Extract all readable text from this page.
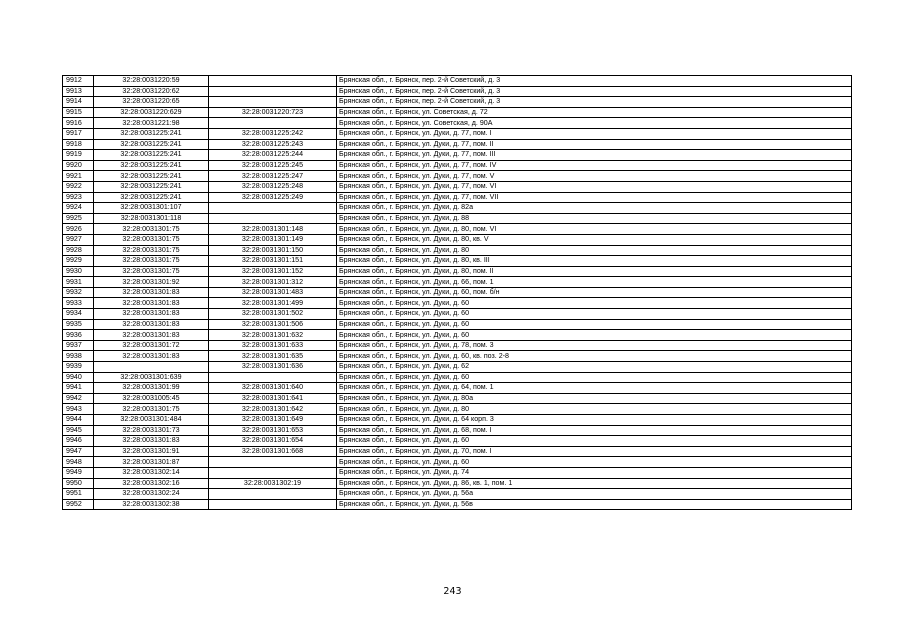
9912	32:28:0031220:59		Брянская обл., г. Брянск, пер. 2-й Советский, д. 3
9913	32:28:0031220:62		Брянская обл., г. Брянск, пер. 2-й Советский, д. 3
9914	32:28:0031220:65		Брянская обл., г. Брянск, пер. 2-й Советский, д. 3
9915	32:28:0031220:629	32:28:0031220:723	Брянская обл., г. Брянск, ул. Советская, д. 72
9916	32:28:0031221:98		Брянская обл., г. Брянск, ул. Советская, д. 90А
9917	32:28:0031225:241	32:28:0031225:242	Брянская обл., г. Брянск, ул. Дуки, д. 77, пом. I
9918	32:28:0031225:241	32:28:0031225:243	Брянская обл., г. Брянск, ул. Дуки, д. 77, пом. II
9919	32:28:0031225:241	32:28:0031225:244	Брянская обл., г. Брянск, ул. Дуки, д. 77, пом. III
9920	32:28:0031225:241	32:28:0031225:245	Брянская обл., г. Брянск, ул. Дуки, д. 77, пом. IV
9921	32:28:0031225:241	32:28:0031225:247	Брянская обл., г. Брянск, ул. Дуки, д. 77, пом. V
9922	32:28:0031225:241	32:28:0031225:248	Брянская обл., г. Брянск, ул. Дуки, д. 77, пом. VI
9923	32:28:0031225:241	32:28:0031225:249	Брянская обл., г. Брянск, ул. Дуки, д. 77, пом. VII
9924	32:28:0031301:107		Брянская обл., г. Брянск, ул. Дуки, д. 82а
9925	32:28:0031301:118		Брянская обл., г. Брянск, ул. Дуки, д. 88
9926	32:28:0031301:75	32:28:0031301:148	Брянская обл., г. Брянск, ул. Дуки, д. 80, пом. VI
9927	32:28:0031301:75	32:28:0031301:149	Брянская обл., г. Брянск, ул. Дуки, д. 80, кв. V
9928	32:28:0031301:75	32:28:0031301:150	Брянская обл., г. Брянск, ул. Дуки, д. 80
9929	32:28:0031301:75	32:28:0031301:151	Брянская обл., г. Брянск, ул. Дуки, д. 80, кв. III
9930	32:28:0031301:75	32:28:0031301:152	Брянская обл., г. Брянск, ул. Дуки, д. 80, пом. II
9931	32:28:0031301:92	32:28:0031301:312	Брянская обл., г. Брянск, ул. Дуки, д. 66, пом. 1
9932	32:28:0031301:83	32:28:0031301:483	Брянская обл., г. Брянск, ул. Дуки, д. 60, пом. б/н
9933	32:28:0031301:83	32:28:0031301:499	Брянская обл., г. Брянск, ул. Дуки, д. 60
9934	32:28:0031301:83	32:28:0031301:502	Брянская обл., г. Брянск, ул. Дуки, д. 60
9935	32:28:0031301:83	32:28:0031301:506	Брянская обл., г. Брянск, ул. Дуки, д. 60
9936	32:28:0031301:83	32:28:0031301:632	Брянская обл., г. Брянск, ул. Дуки, д. 60
9937	32:28:0031301:72	32:28:0031301:633	Брянская обл., г. Брянск, ул. Дуки, д. 78, пом. 3
9938	32:28:0031301:83	32:28:0031301:635	Брянская обл., г. Брянск, ул. Дуки, д. 60, кв. поз. 2-8
9939		32:28:0031301:636	Брянская обл., г. Брянск, ул. Дуки, д. 62
9940	32:28:0031301:639		Брянская обл., г. Брянск, ул. Дуки, д. 60
9941	32:28:0031301:99	32:28:0031301:640	Брянская обл., г. Брянск, ул. Дуки, д. 64, пом. 1
9942	32:28:0031005:45	32:28:0031301:641	Брянская обл., г. Брянск, ул. Дуки, д. 80а
9943	32:28:0031301:75	32:28:0031301:642	Брянская обл., г. Брянск, ул. Дуки, д. 80
9944	32:28:0031301:484	32:28:0031301:649	Брянская обл., г. Брянск, ул. Дуки, д. 64 корп. 3
9945	32:28:0031301:73	32:28:0031301:653	Брянская обл., г. Брянск, ул. Дуки, д. 68, пом. I
9946	32:28:0031301:83	32:28:0031301:654	Брянская обл., г. Брянск, ул. Дуки, д. 60
9947	32:28:0031301:91	32:28:0031301:668	Брянская обл., г. Брянск, ул. Дуки, д. 70, пом. I
9948	32:28:0031301:87		Брянская обл., г. Брянск, ул. Дуки, д. 60
9949	32:28:0031302:14		Брянская обл., г. Брянск, ул. Дуки, д. 74
9950	32:28:0031302:16	32:28:0031302:19	Брянская обл., г. Брянск, ул. Дуки, д. 86, кв. 1, пом. 1
9951	32:28:0031302:24		Брянская обл., г. Брянск, ул. Дуки, д. 56а
9952	32:28:0031302:38		Брянская обл., г. Брянск, ул. Дуки, д. 56в
243
